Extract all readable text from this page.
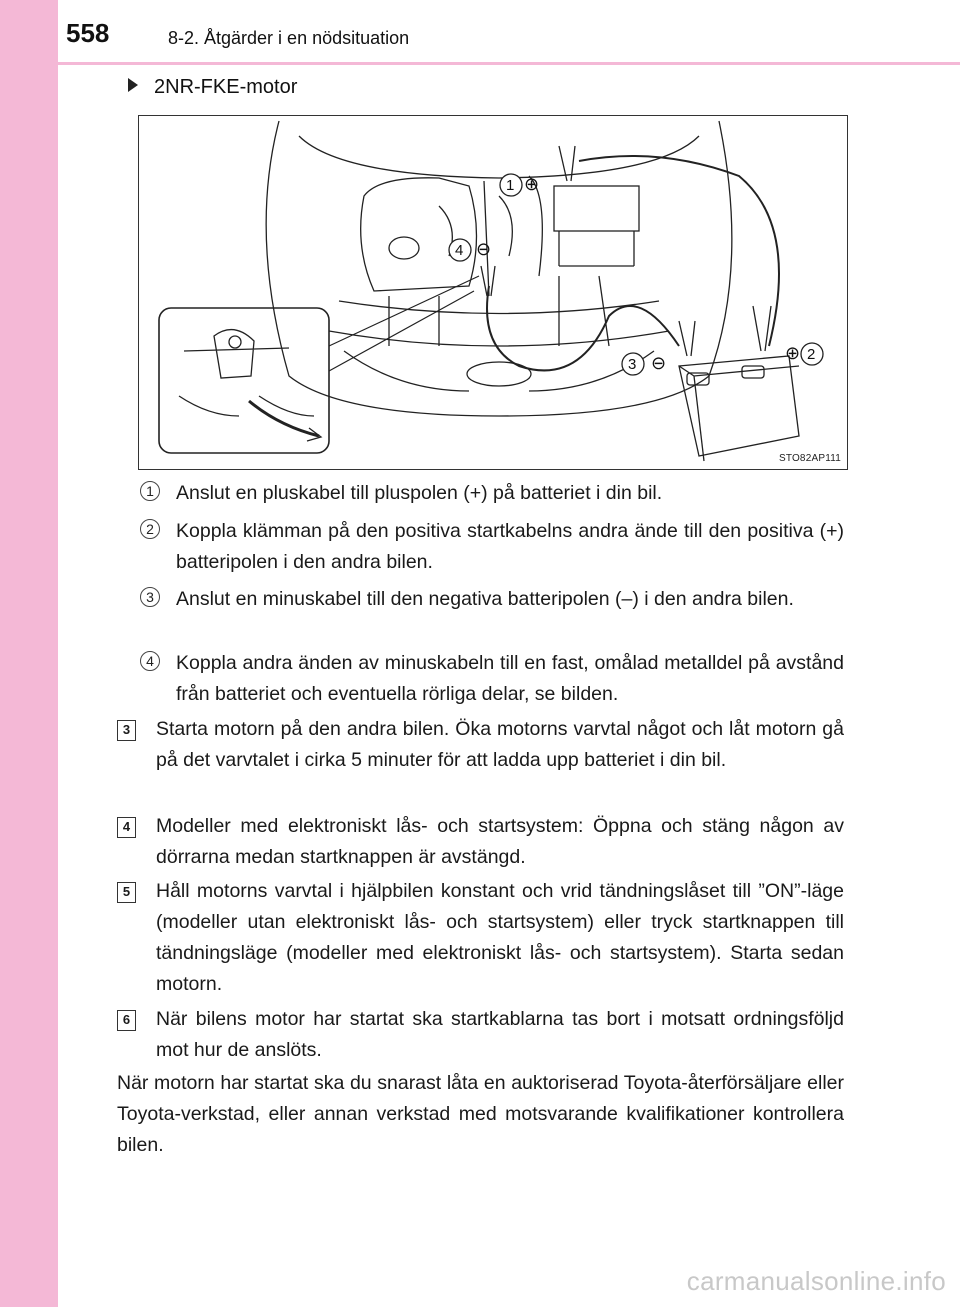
558	8-2. Åtgärder i en nödsituation
2NR-FKE-motor
1 ⊕
2
⊕
3 ⊖
4 ⊖
STO82AP111
1	Anslut en pluskabel till pluspolen (+) på batteriet i din bil.
2	Koppla klämman på den positiva startkabelns andra ände till den positiva (+) batteripolen i den andra bilen.
3	Anslut en minuskabel till den negativa batteripolen (–) i den andra bilen.
4	Koppla andra änden av minuskabeln till en fast, omålad metalldel på avstånd från batteriet och eventuella rörliga delar, se bilden.
3	Starta motorn på den andra bilen. Öka motorns varvtal något och låt motorn gå på det varvtalet i cirka 5 minuter för att ladda upp batteriet i din bil.
4	Modeller med elektroniskt lås- och startsystem: Öppna och stäng någon av dörrarna medan startknappen är avstängd.
5	Håll motorns varvtal i hjälpbilen konstant och vrid tändningslåset till ”ON”-läge (modeller utan elektroniskt lås- och startsystem) eller tryck startknappen till tändningsläge (modeller med elektroniskt lås- och startsystem). Starta sedan motorn.
6	När bilens motor har startat ska startkablarna tas bort i motsatt ordningsföljd mot hur de anslöts.
När motorn har startat ska du snarast låta en auktoriserad Toyota-återförsäljare eller Toyota-verkstad, eller annan verkstad med motsvarande kvalifikationer kontrollera bilen.
carmanualsonline.info
